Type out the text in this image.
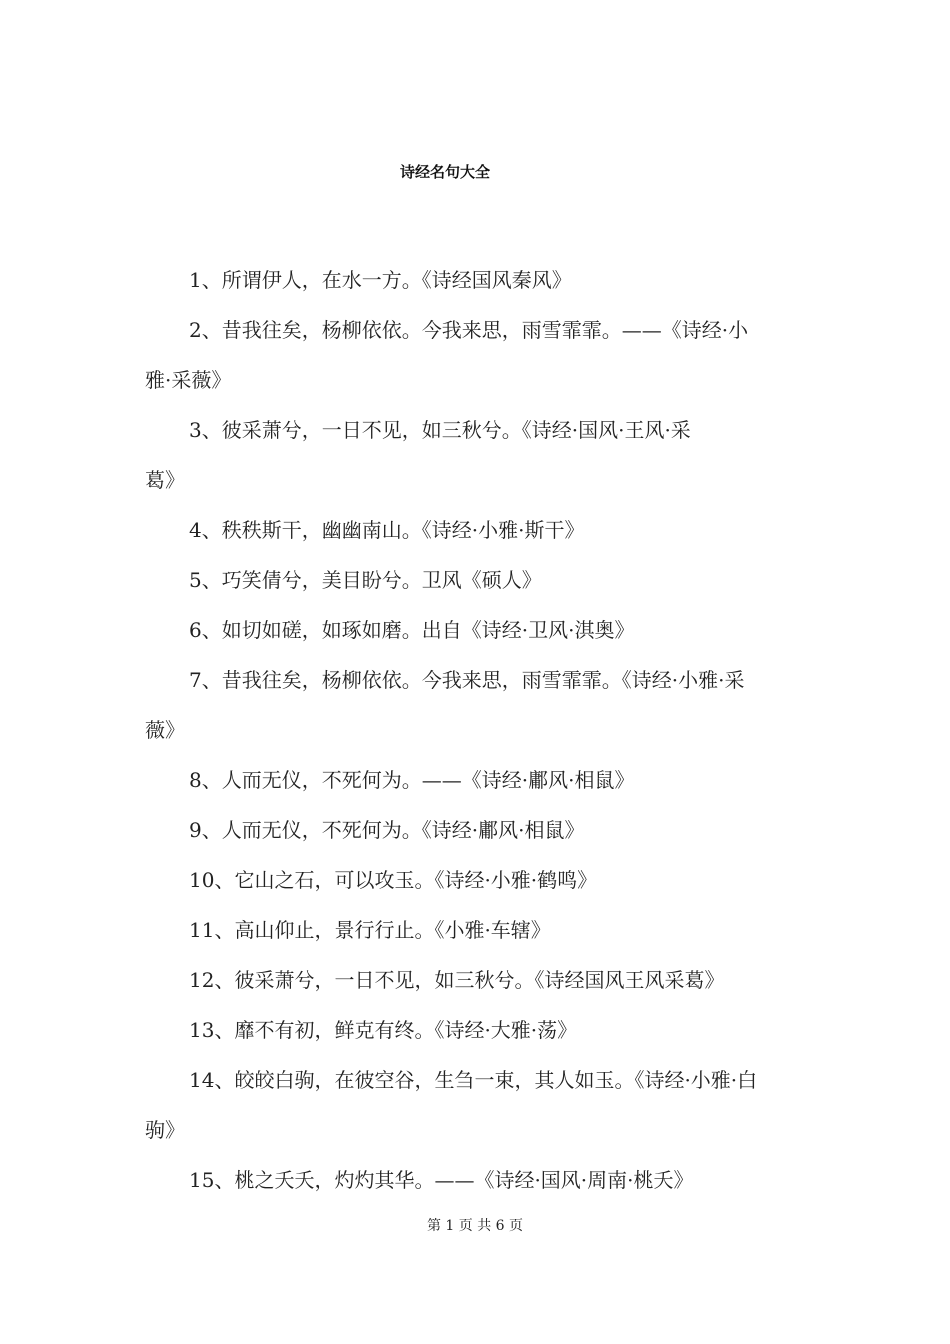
诗经名句大全
1、所谓伊人，在水一方。《诗经国风秦风》
2、昔我往矣，杨柳依依。今我来思，雨雪霏霏。——《诗经·小
雅·采薇》
3、彼采萧兮，一日不见，如三秋兮。《诗经·国风·王风·采
葛》
4、秩秩斯干，幽幽南山。《诗经·小雅·斯干》
5、巧笑倩兮，美目盼兮。卫风《硕人》
6、如切如磋，如琢如磨。出自《诗经·卫风·淇奥》
7、昔我往矣，杨柳依依。今我来思，雨雪霏霏。《诗经·小雅·采
薇》
8、人而无仪，不死何为。——《诗经·鄘风·相鼠》
9、人而无仪，不死何为。《诗经·鄘风·相鼠》
10、它山之石，可以攻玉。《诗经·小雅·鹤鸣》
11、高山仰止，景行行止。《小雅·车辖》
12、彼采萧兮，一日不见，如三秋兮。《诗经国风王风采葛》
13、靡不有初，鲜克有终。《诗经·大雅·荡》
14、皎皎白驹，在彼空谷，生刍一束，其人如玉。《诗经·小雅·白
驹》
15、桃之夭夭，灼灼其华。——《诗经·国风·周南·桃夭》
第 1 页 共 6 页
